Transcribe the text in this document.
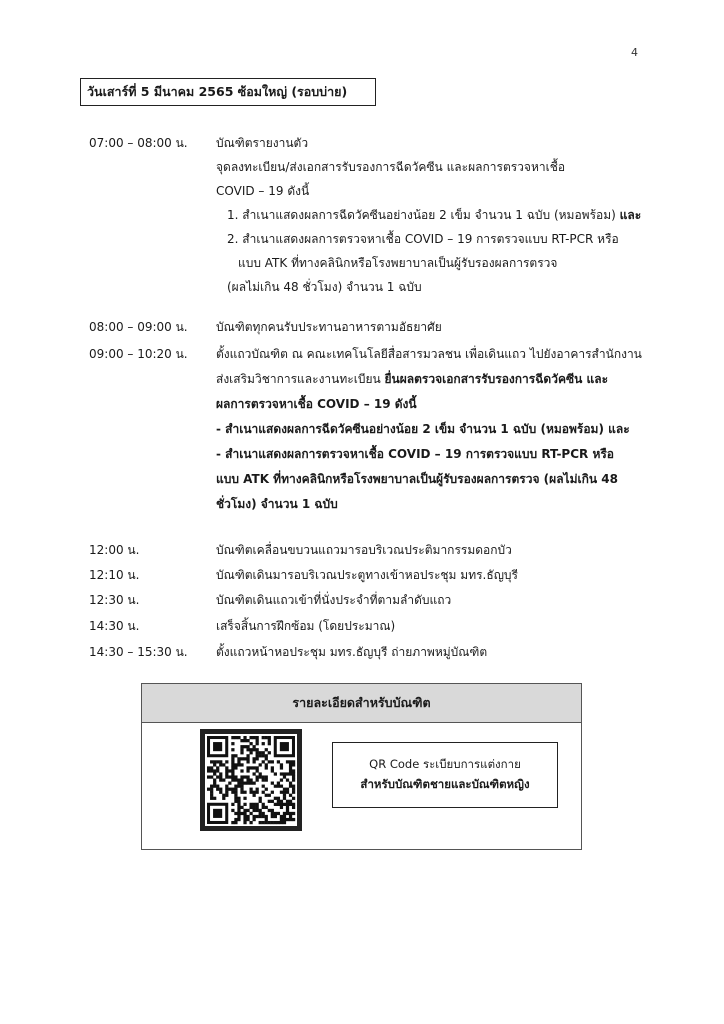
4
วันเสาร์ที่ 5 มีนาคม 2565 ซ้อมใหญ่ (รอบบ่าย)
07:00 – 08:00 น. บัณฑิตรายงานตัว
จุดลงทะเบียน/ส่งเอกสารรับรองการฉีดวัคซีน และผลการตรวจหาเชื้อ
COVID – 19 ดังนี้
1. สำเนาแสดงผลการฉีดวัคซีนอย่างน้อย 2 เข็ม จำนวน 1 ฉบับ (หมอพร้อม) และ
2. สำเนาแสดงผลการตรวจหาเชื้อ COVID – 19 การตรวจแบบ RT-PCR หรือ
แบบ ATK ที่ทางคลินิกหรือโรงพยาบาลเป็นผู้รับรองผลการตรวจ
(ผลไม่เกิน 48 ชั่วโมง) จำนวน 1 ฉบับ
08:00 – 09:00 น. บัณฑิตทุกคนรับประทานอาหารตามอัธยาศัย
09:00 – 10:20 น. ตั้งแถวบัณฑิต ณ คณะเทคโนโลยีสื่อสารมวลชน เพื่อเดินแถว ไปยังอาคารสำนักงาน
ส่งเสริมวิชาการและงานทะเบียน ยื่นผลตรวจเอกสารรับรองการฉีดวัคซีน และ
ผลการตรวจหาเชื้อ COVID – 19 ดังนี้
- สำเนาแสดงผลการฉีดวัคซีนอย่างน้อย 2 เข็ม จำนวน 1 ฉบับ (หมอพร้อม) และ
- สำเนาแสดงผลการตรวจหาเชื้อ COVID – 19 การตรวจแบบ RT-PCR หรือ
แบบ ATK ที่ทางคลินิกหรือโรงพยาบาลเป็นผู้รับรองผลการตรวจ (ผลไม่เกิน 48
ชั่วโมง) จำนวน 1 ฉบับ
12:00 น.	บัณฑิตเคลื่อนขบวนแถวมารอบริเวณประติมากรรมดอกบัว
12:10 น.	บัณฑิตเดินมารอบริเวณประตูทางเข้าหอประชุม มทร.ธัญบุรี
12:30 น.	บัณฑิตเดินแถวเข้าที่นั่งประจำที่ตามลำดับแถว
14:30 น.	เสร็จสิ้นการฝึกซ้อม (โดยประมาณ)
14:30 – 15:30 น. ตั้งแถวหน้าหอประชุม มทร.ธัญบุรี ถ่ายภาพหมู่บัณฑิต
รายละเอียดสำหรับบัณฑิต
QR Code ระเบียบการแต่งกาย
สำหรับบัณฑิตชายและบัณฑิตหญิง
